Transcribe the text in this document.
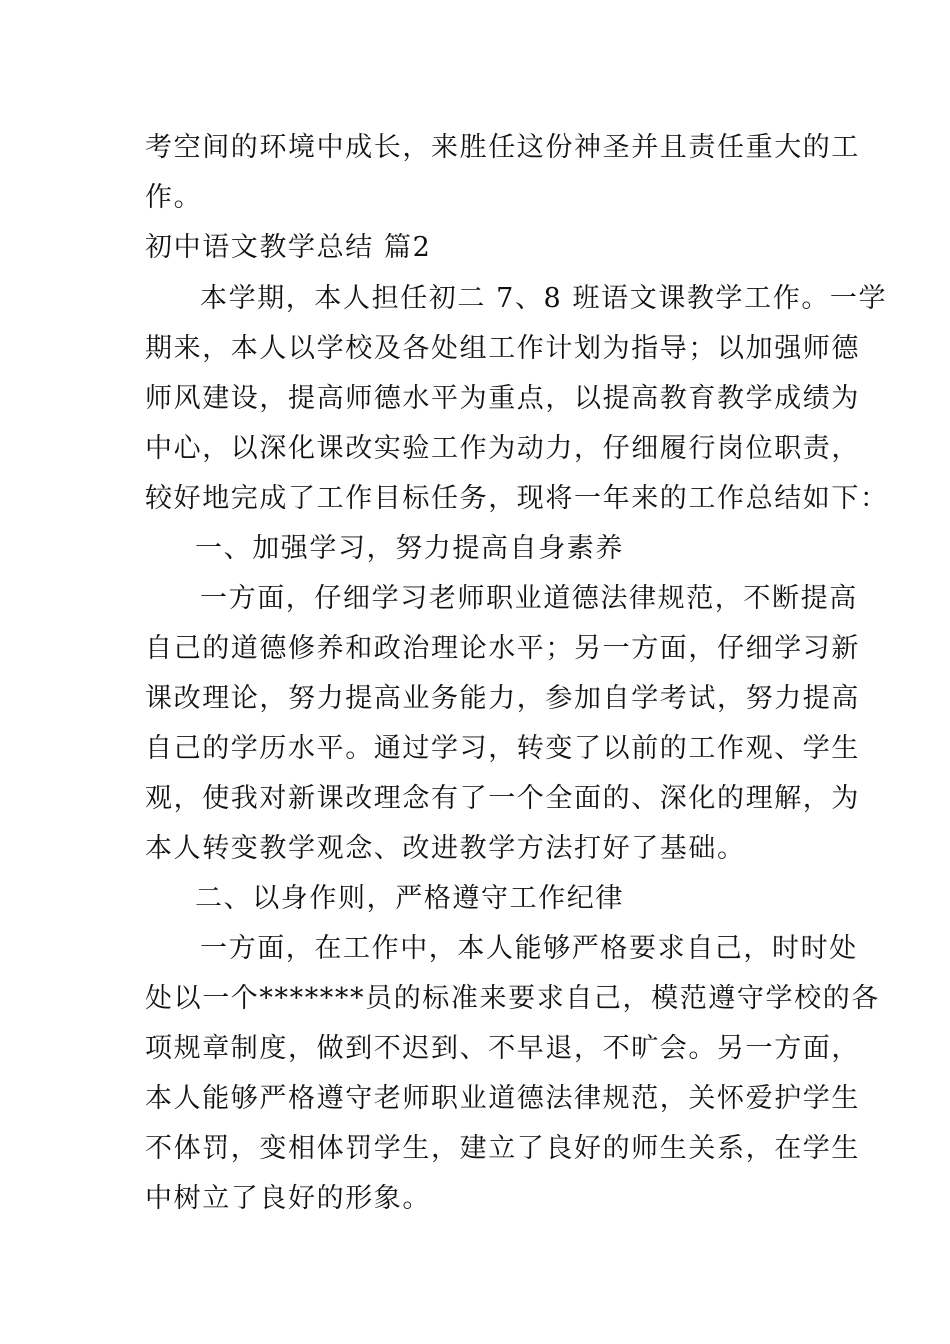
考空间的环境中成长，来胜任这份神圣并且责任重大的工
作。
初中语文教学总结 篇2
本学期，本人担任初二 7、8 班语文课教学工作。一学
期来，本人以学校及各处组工作计划为指导；以加强师德
师风建设，提高师德水平为重点，以提高教育教学成绩为
中心，以深化课改实验工作为动力，仔细履行岗位职责，
较好地完成了工作目标任务，现将一年来的工作总结如下：
一、加强学习，努力提高自身素养
一方面，仔细学习老师职业道德法律规范，不断提高
自己的道德修养和政治理论水平；另一方面，仔细学习新
课改理论，努力提高业务能力，参加自学考试，努力提高
自己的学历水平。通过学习，转变了以前的工作观、学生
观，使我对新课改理念有了一个全面的、深化的理解，为
本人转变教学观念、改进教学方法打好了基础。
二、以身作则，严格遵守工作纪律
一方面，在工作中，本人能够严格要求自己，时时处
处以一个*******员的标准来要求自己，模范遵守学校的各
项规章制度，做到不迟到、不早退，不旷会。另一方面，
本人能够严格遵守老师职业道德法律规范，关怀爱护学生
不体罚，变相体罚学生，建立了良好的师生关系，在学生
中树立了良好的形象。
